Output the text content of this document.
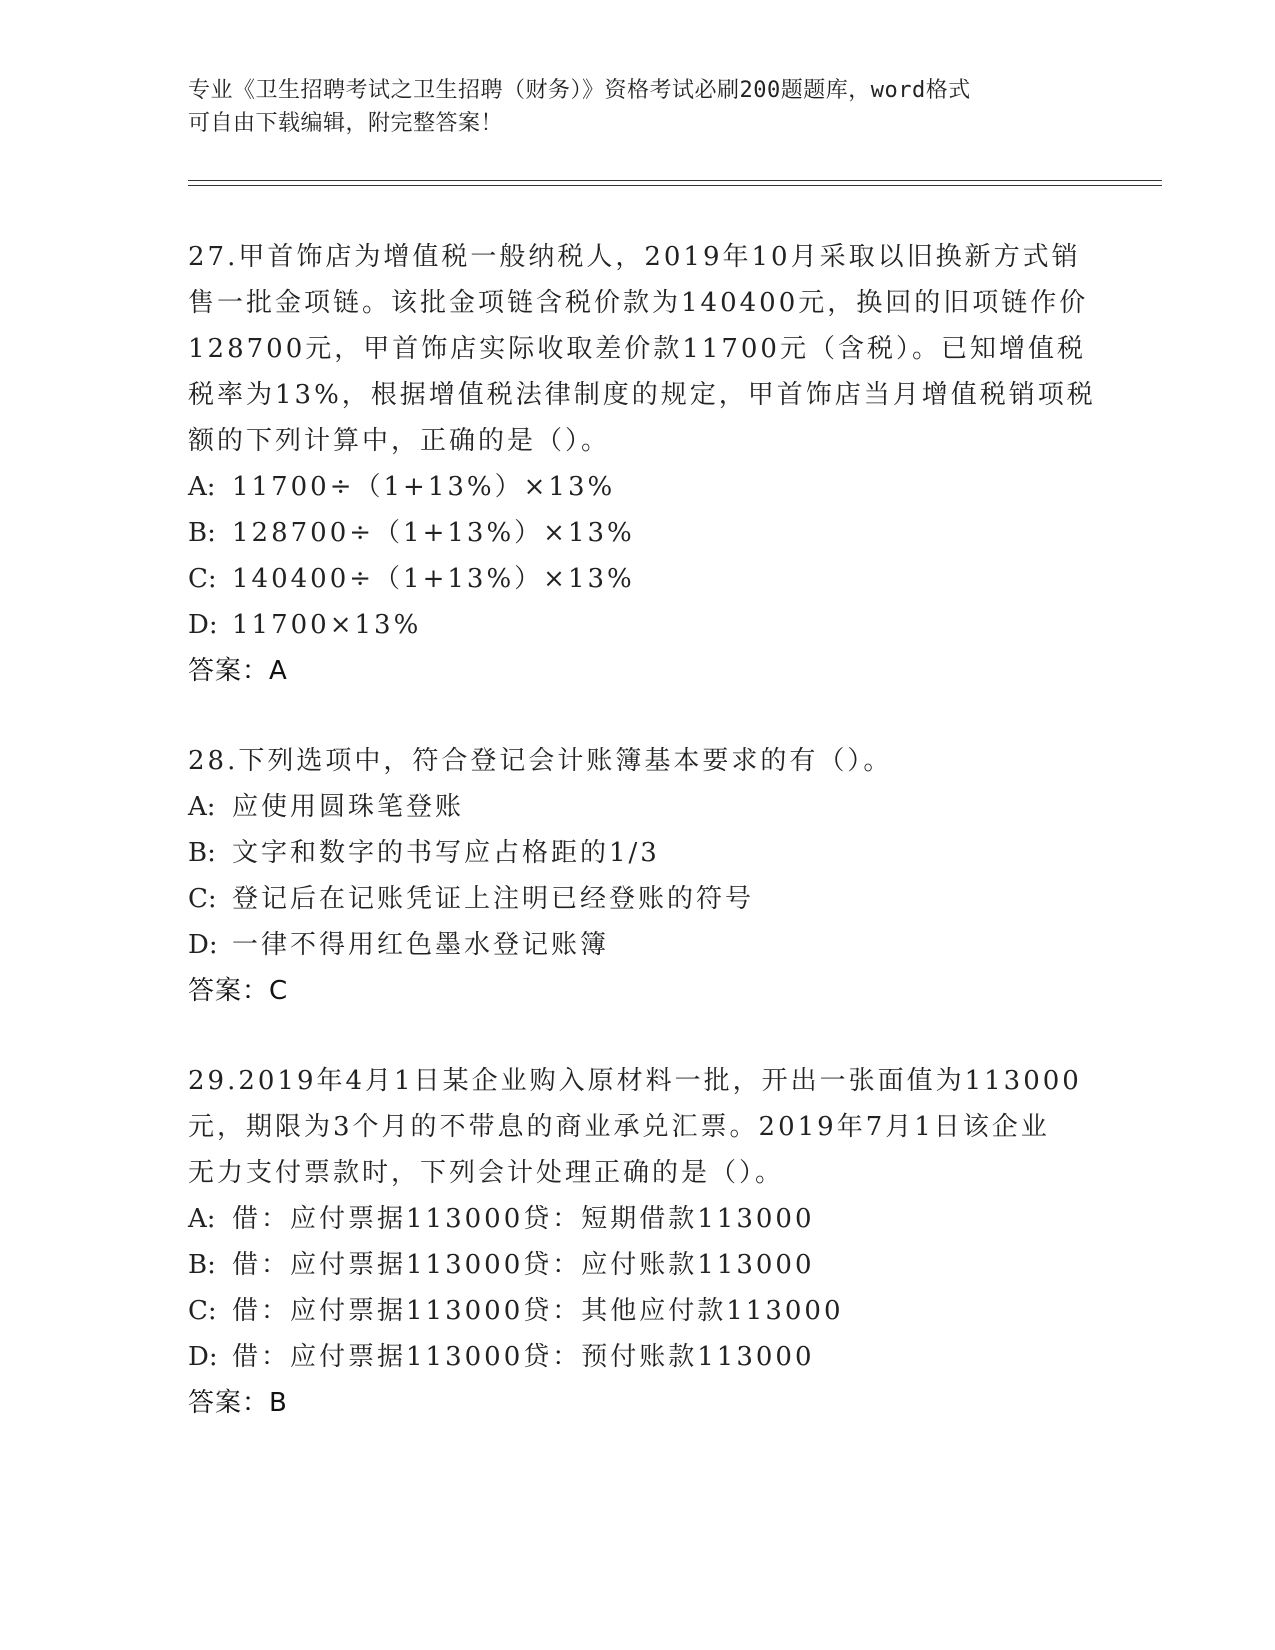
专业《卫生招聘考试之卫生招聘（财务）》资格考试必刷200题题库，word格式
可自由下载编辑，附完整答案！
27.甲首饰店为增值税一般纳税人，2019年10月采取以旧换新方式销
售一批金项链。该批金项链含税价款为140400元，换回的旧项链作价
128700元，甲首饰店实际收取差价款11700元（含税）。已知增值税
税率为13%，根据增值税法律制度的规定，甲首饰店当月增值税销项税
额的下列计算中，正确的是（）。
A: 11700÷（1+13%）×13%
B: 128700÷（1+13%）×13%
C: 140400÷（1+13%）×13%
D: 11700×13%
答案：A
28.下列选项中，符合登记会计账簿基本要求的有（）。
A: 应使用圆珠笔登账
B: 文字和数字的书写应占格距的1/3
C: 登记后在记账凭证上注明已经登账的符号
D: 一律不得用红色墨水登记账簿
答案：C
29.2019年4月1日某企业购入原材料一批，开出一张面值为113000
元，期限为3个月的不带息的商业承兑汇票。2019年7月1日该企业
无力支付票款时，下列会计处理正确的是（）。
A: 借：应付票据113000贷：短期借款113000
B: 借：应付票据113000贷：应付账款113000
C: 借：应付票据113000贷：其他应付款113000
D: 借：应付票据113000贷：预付账款113000
答案：B
